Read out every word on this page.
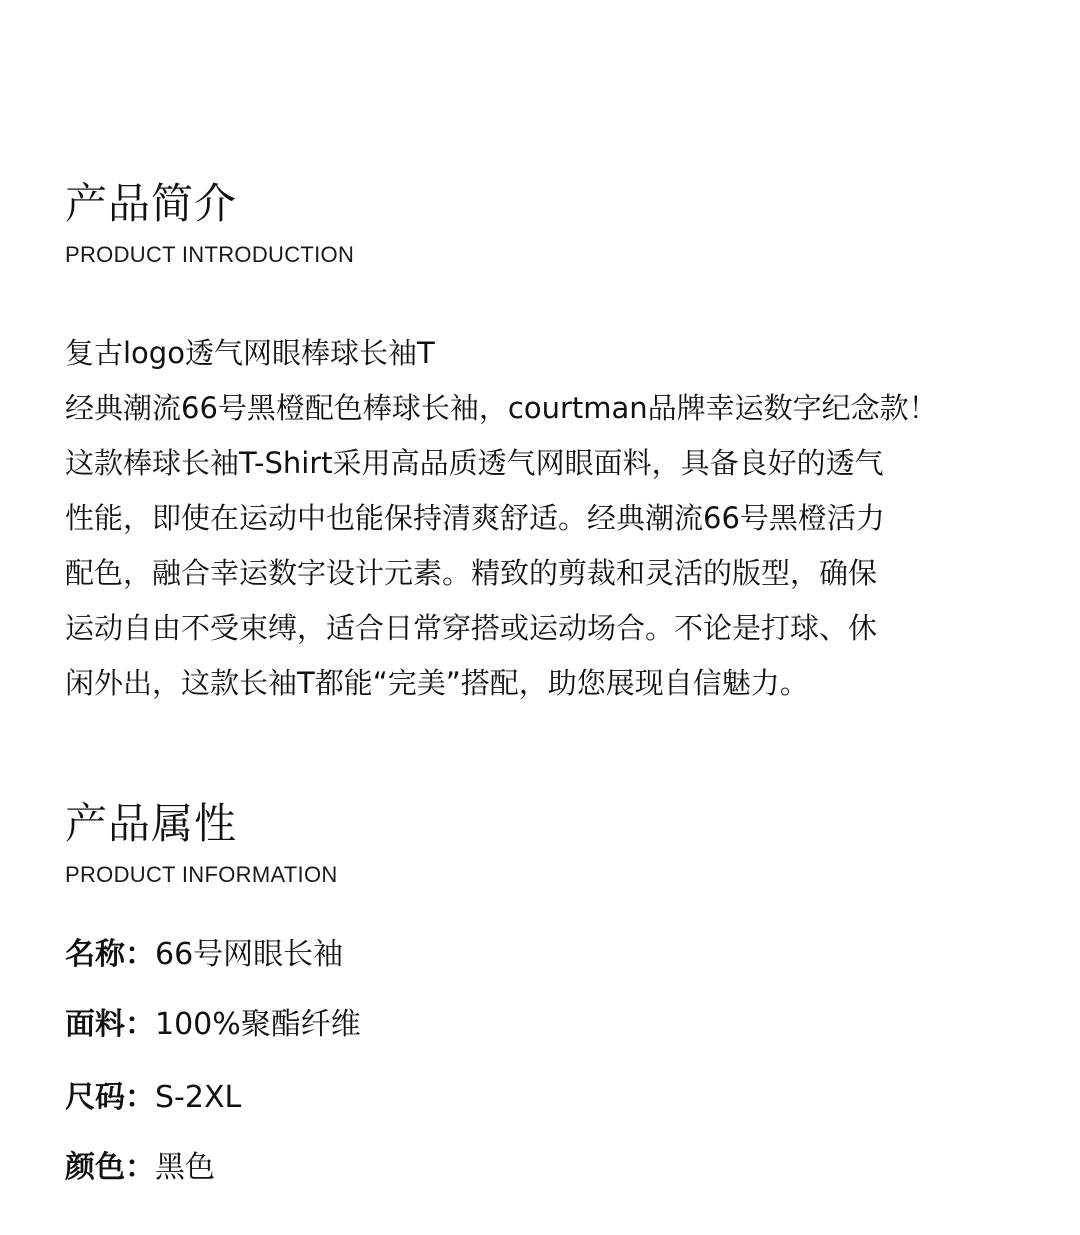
产品简介
PRODUCT INTRODUCTION
复古logo透气网眼棒球长袖T
经典潮流66号黑橙配色棒球长袖，courtman品牌幸运数字纪念款！
这款棒球长袖T-Shirt采用高品质透气网眼面料，具备良好的透气
性能，即使在运动中也能保持清爽舒适。经典潮流66号黑橙活力
配色，融合幸运数字设计元素。精致的剪裁和灵活的版型，确保
运动自由不受束缚，适合日常穿搭或运动场合。不论是打球、休
闲外出，这款长袖T都能“完美”搭配，助您展现自信魅力。
产品属性
PRODUCT INFORMATION
名称：66号网眼长袖
面料：100%聚酯纤维
尺码：S-2XL
颜色：黑色
